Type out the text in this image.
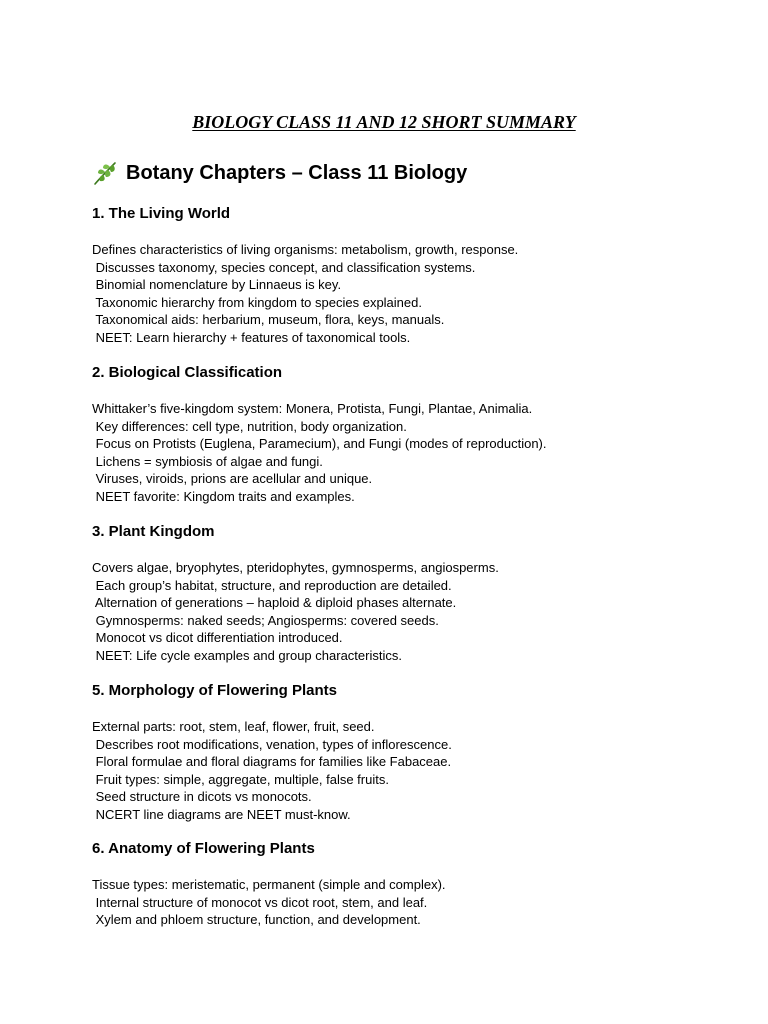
BIOLOGY CLASS 11 AND 12 SHORT SUMMARY
Botany Chapters – Class 11 Biology
1. The Living World
Defines characteristics of living organisms: metabolism, growth, response.
Discusses taxonomy, species concept, and classification systems.
Binomial nomenclature by Linnaeus is key.
Taxonomic hierarchy from kingdom to species explained.
Taxonomical aids: herbarium, museum, flora, keys, manuals.
NEET: Learn hierarchy + features of taxonomical tools.
2. Biological Classification
Whittaker’s five-kingdom system: Monera, Protista, Fungi, Plantae, Animalia.
Key differences: cell type, nutrition, body organization.
Focus on Protists (Euglena, Paramecium), and Fungi (modes of reproduction).
Lichens = symbiosis of algae and fungi.
Viruses, viroids, prions are acellular and unique.
NEET favorite: Kingdom traits and examples.
3. Plant Kingdom
Covers algae, bryophytes, pteridophytes, gymnosperms, angiosperms.
Each group’s habitat, structure, and reproduction are detailed.
Alternation of generations – haploid & diploid phases alternate.
Gymnosperms: naked seeds; Angiosperms: covered seeds.
Monocot vs dicot differentiation introduced.
NEET: Life cycle examples and group characteristics.
5. Morphology of Flowering Plants
External parts: root, stem, leaf, flower, fruit, seed.
Describes root modifications, venation, types of inflorescence.
Floral formulae and floral diagrams for families like Fabaceae.
Fruit types: simple, aggregate, multiple, false fruits.
Seed structure in dicots vs monocots.
NCERT line diagrams are NEET must-know.
6. Anatomy of Flowering Plants
Tissue types: meristematic, permanent (simple and complex).
Internal structure of monocot vs dicot root, stem, and leaf.
Xylem and phloem structure, function, and development.
